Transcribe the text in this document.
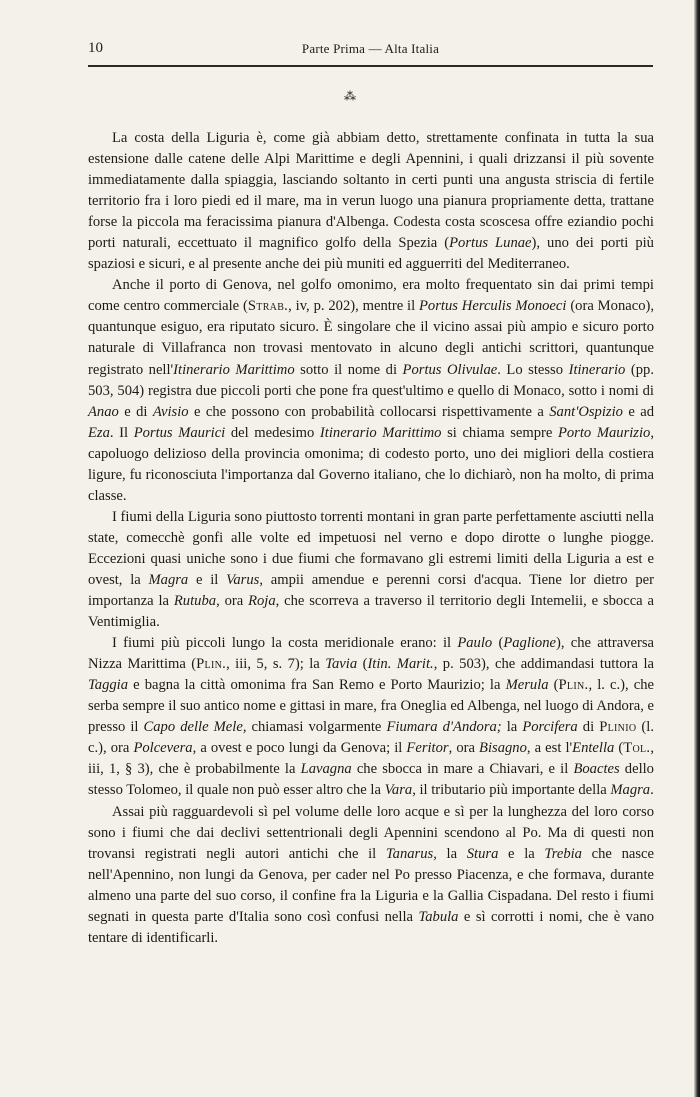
10	Parte Prima — Alta Italia
⁂

La costa della Liguria è, come già abbiam detto, strettamente confinata in tutta la sua estensione dalle catene delle Alpi Marittime e degli Apennini, i quali drizzansi il più sovente immediatamente dalla spiaggia, lasciando soltanto in certi punti una angusta striscia di fertile territorio fra i loro piedi ed il mare, ma in verun luogo una pianura propriamente detta, trattane forse la piccola ma feracissima pianura d'Albenga. Codesta costa scoscesa offre eziandio pochi porti naturali, eccettuato il magnifico golfo della Spezia (Portus Lunae), uno dei porti più spaziosi e sicuri, e al presente anche dei più muniti ed agguerriti del Mediterraneo.

Anche il porto di Genova, nel golfo omonimo, era molto frequentato sin dai primi tempi come centro commerciale (Strab., iv, p. 202), mentre il Portus Herculis Monoeci (ora Monaco), quantunque esiguo, era riputato sicuro. È singolare che il vicino assai più ampio e sicuro porto naturale di Villafranca non trovasi mentovato in alcuno degli antichi scrittori, quantunque registrato nell'Itinerario Marittimo sotto il nome di Portus Olivulae. Lo stesso Itinerario (pp. 503, 504) registra due piccoli porti che pone fra quest'ultimo e quello di Monaco, sotto i nomi di Anao e di Avisio e che possono con probabilità collocarsi rispettivamente a Sant'Ospizio e ad Eza. Il Portus Maurici del medesimo Itinerario Marittimo si chiama sempre Porto Maurizio, capoluogo delizioso della provincia omonima; di codesto porto, uno dei migliori della costiera ligure, fu riconosciuta l'importanza dal Governo italiano, che lo dichiarò, non ha molto, di prima classe.

I fiumi della Liguria sono piuttosto torrenti montani in gran parte perfettamente asciutti nella state, comecchè gonfi alle volte ed impetuosi nel verno e dopo dirotte o lunghe piogge. Eccezioni quasi uniche sono i due fiumi che formavano gli estremi limiti della Liguria a est e ovest, la Magra e il Varus, ampii amendue e perenni corsi d'acqua. Tiene lor dietro per importanza la Rutuba, ora Roja, che scorreva a traverso il territorio degli Intemelii, e sbocca a Ventimiglia.

I fiumi più piccoli lungo la costa meridionale erano: il Paulo (Paglione), che attraversa Nizza Marittima (Plin., iii, 5, s. 7); la Tavia (Itin. Marit., p. 503), che addimandasi tuttora la Taggia e bagna la città omonima fra San Remo e Porto Maurizio; la Merula (Plin., l. c.), che serba sempre il suo antico nome e gittasi in mare, fra Oneglia ed Albenga, nel luogo di Andora, e presso il Capo delle Mele, chiamasi volgarmente Fiumara d'Andora; la Porcifera di Plinio (l. c.), ora Polcevera, a ovest e poco lungi da Genova; il Feritor, ora Bisagno, a est l'Entella (Tol., iii, 1, § 3), che è probabilmente la Lavagna che sbocca in mare a Chiavari, e il Boactes dello stesso Tolomeo, il quale non può esser altro che la Vara, il tributario più importante della Magra.

Assai più ragguardevoli sì pel volume delle loro acque e sì per la lunghezza del loro corso sono i fiumi che dai declivi settentrionali degli Apennini scendono al Po. Ma di questi non trovansi registrati negli autori antichi che il Tanarus, la Stura e la Trebia che nasce nell'Apennino, non lungi da Genova, per cader nel Po presso Piacenza, e che formava, durante almeno una parte del suo corso, il confine fra la Liguria e la Gallia Cispadana. Del resto i fiumi segnati in questa parte d'Italia sono così confusi nella Tabula e sì corrotti i nomi, che è vano tentare di identificarli.
